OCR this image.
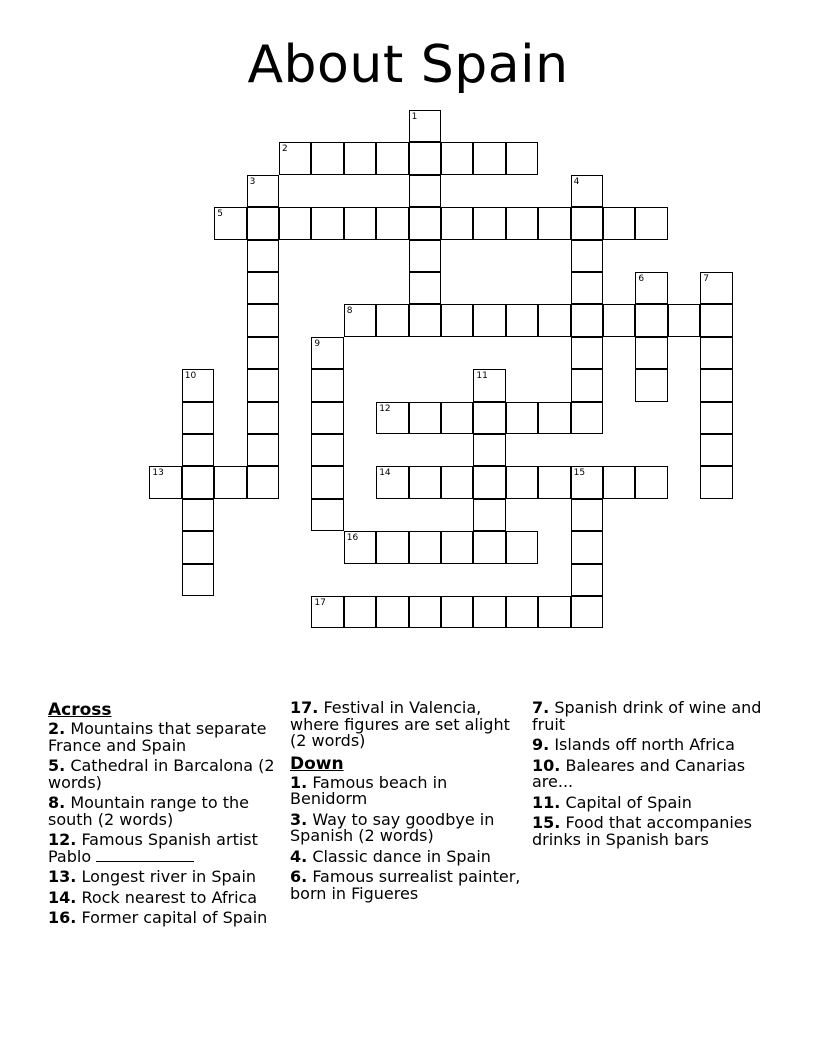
About Spain
2
5
8
12
13	14	15
16
17
1
3	4
6	7
9
10	11
Across
2. Mountains that separate France and Spain
5. Cathedral in Barcalona (2 words)
8. Mountain range to the south (2 words)
12. Famous Spanish artist Pablo
13. Longest river in Spain
14. Rock nearest to Africa
16. Former capital of Spain
17. Festival in Valencia, where figures are set alight (2 words)
Down
1. Famous beach in Benidorm
3. Way to say goodbye in Spanish (2 words)
4. Classic dance in Spain
6. Famous surrealist painter, born in Figueres
7. Spanish drink of wine and fruit
9. Islands off north Africa
10. Baleares and Canarias are...
11. Capital of Spain
15. Food that accompanies drinks in Spanish bars
